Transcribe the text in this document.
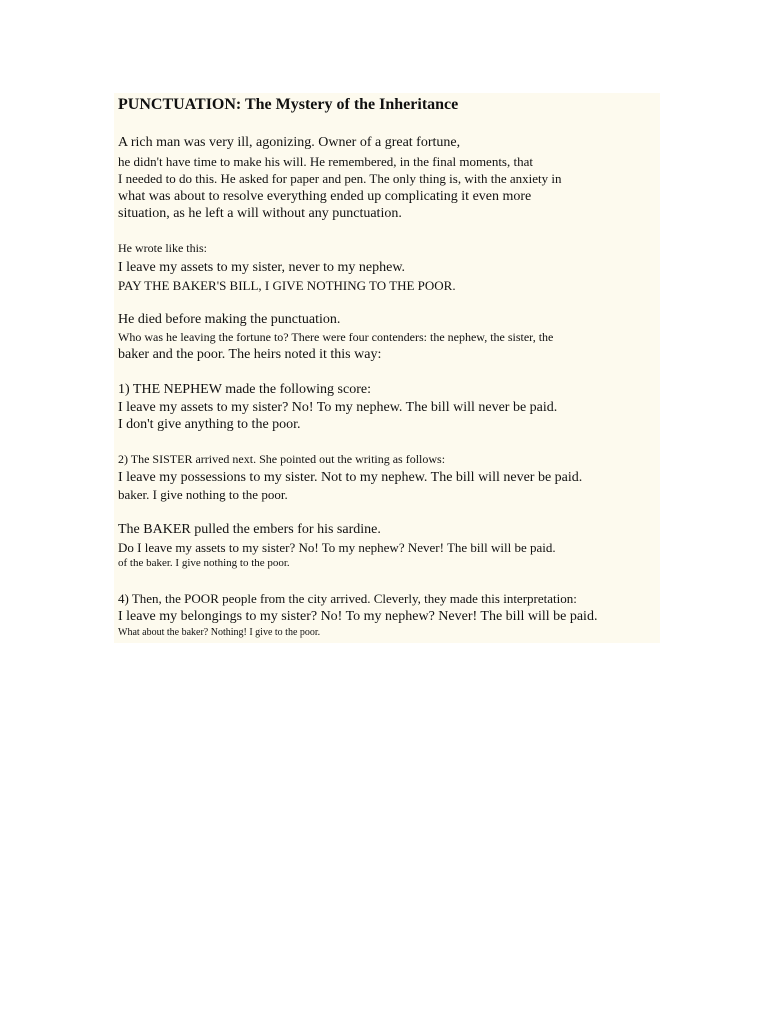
PUNCTUATION: The Mystery of the Inheritance
A rich man was very ill, agonizing. Owner of a great fortune,
he didn't have time to make his will. He remembered, in the final moments, that
I needed to do this. He asked for paper and pen. The only thing is, with the anxiety in
what was about to resolve everything ended up complicating it even more
situation, as he left a will without any punctuation.
He wrote like this:
I leave my assets to my sister, never to my nephew.
PAY THE BAKER'S BILL, I GIVE NOTHING TO THE POOR.
He died before making the punctuation.
Who was he leaving the fortune to? There were four contenders: the nephew, the sister, the
baker and the poor. The heirs noted it this way:
1) THE NEPHEW made the following score:
I leave my assets to my sister? No! To my nephew. The bill will never be paid.
I don't give anything to the poor.
2) The SISTER arrived next. She pointed out the writing as follows:
I leave my possessions to my sister. Not to my nephew. The bill will never be paid.
baker. I give nothing to the poor.
The BAKER pulled the embers for his sardine.
Do I leave my assets to my sister? No! To my nephew? Never! The bill will be paid.
of the baker. I give nothing to the poor.
4) Then, the POOR people from the city arrived. Cleverly, they made this interpretation:
I leave my belongings to my sister? No! To my nephew? Never! The bill will be paid.
What about the baker? Nothing! I give to the poor.
